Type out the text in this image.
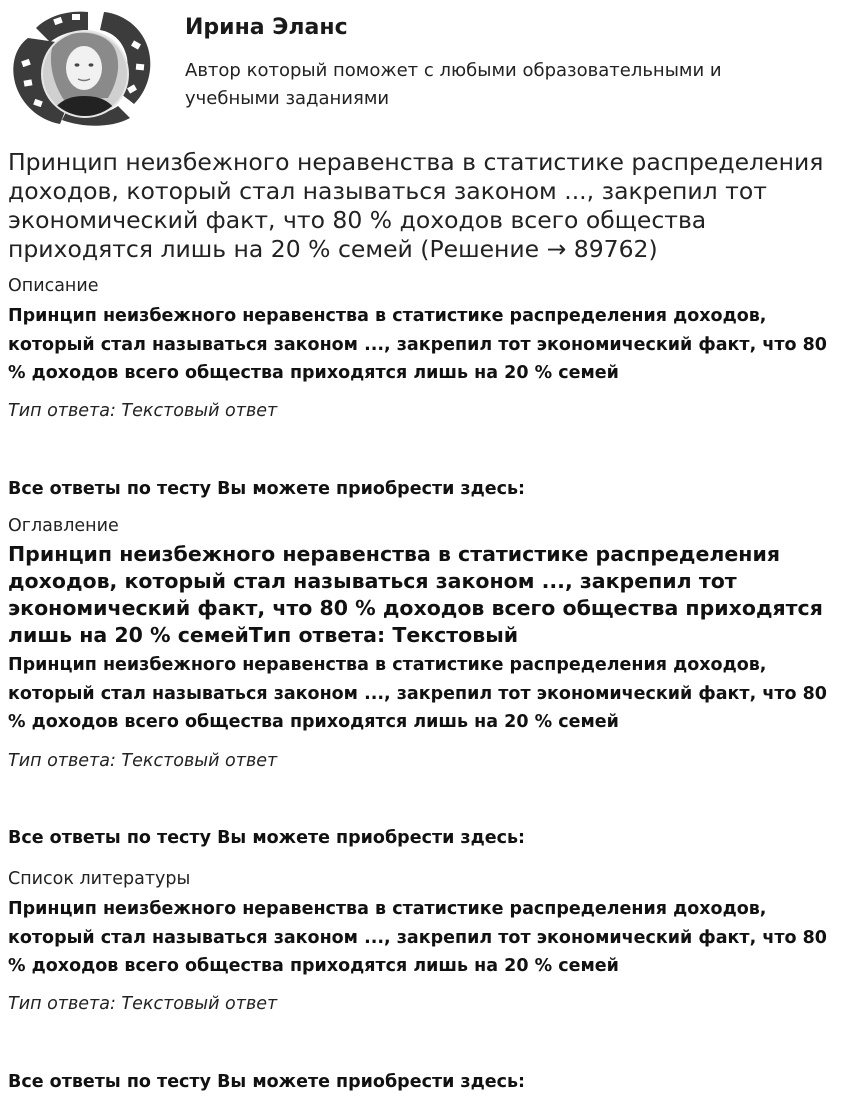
Ирина Эланс
Автор который поможет с любыми образовательными и учебными заданиями
Принцип неизбежного неравенства в статистике распределения доходов, который стал называться законом ..., закрепил тот экономический факт, что 80 % доходов всего общества приходятся лишь на 20 % семей (Решение → 89762)
Описание
Принцип неизбежного неравенства в статистике распределения доходов, который стал называться законом ..., закрепил тот экономический факт, что 80 % доходов всего общества приходятся лишь на 20 % семей
Тип ответа: Текстовый ответ
Все ответы по тесту Вы можете приобрести здесь:
Оглавление
Принцип неизбежного неравенства в статистике распределения доходов, который стал называться законом ..., закрепил тот экономический факт, что 80 % доходов всего общества приходятся лишь на 20 % семейТип ответа: Текстовый
Принцип неизбежного неравенства в статистике распределения доходов, который стал называться законом ..., закрепил тот экономический факт, что 80 % доходов всего общества приходятся лишь на 20 % семей
Тип ответа: Текстовый ответ
Все ответы по тесту Вы можете приобрести здесь:
Список литературы
Принцип неизбежного неравенства в статистике распределения доходов, который стал называться законом ..., закрепил тот экономический факт, что 80 % доходов всего общества приходятся лишь на 20 % семей
Тип ответа: Текстовый ответ
Все ответы по тесту Вы можете приобрести здесь:
